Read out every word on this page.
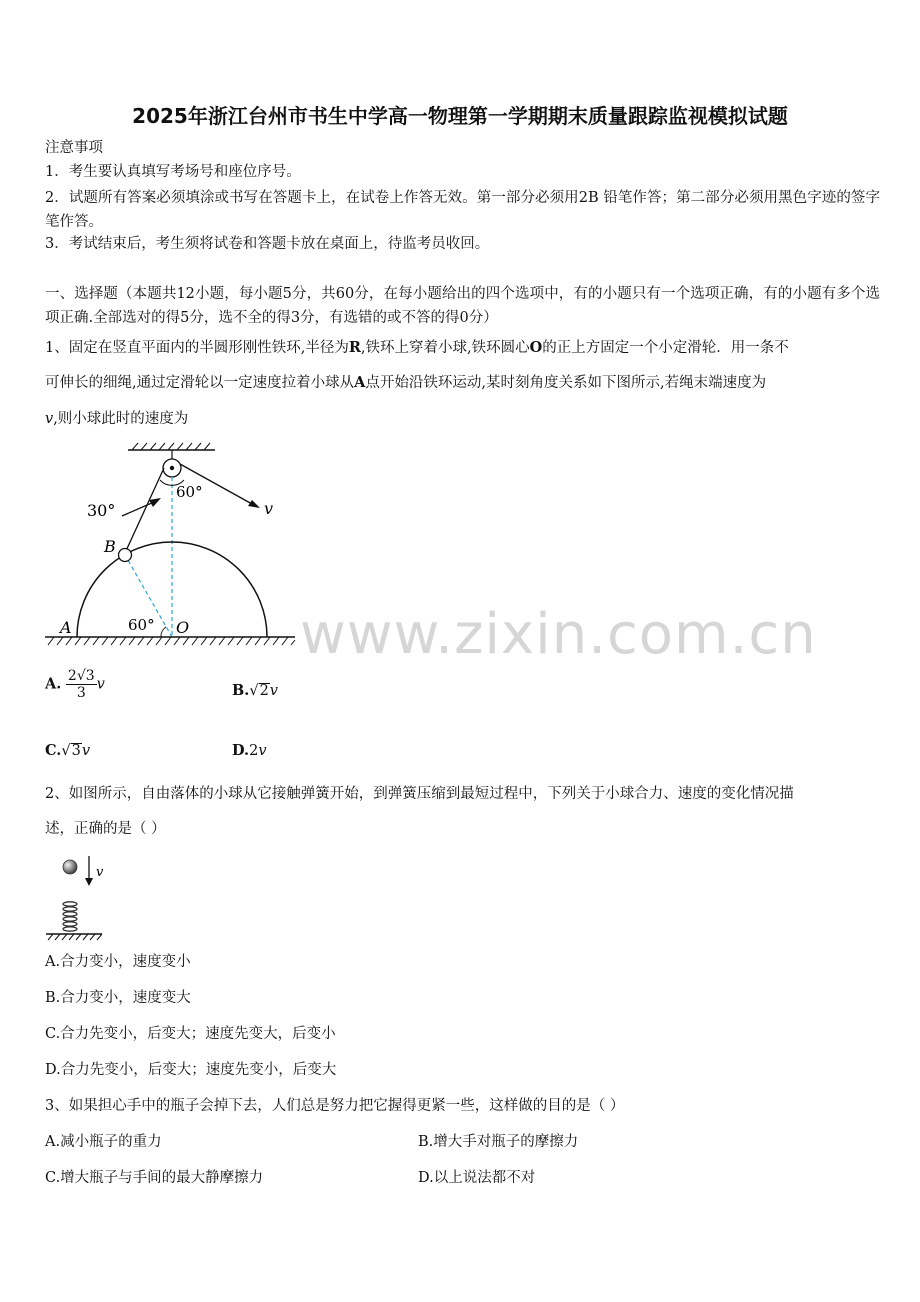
2025年浙江台州市书生中学高一物理第一学期期末质量跟踪监视模拟试题
注意事项
1．考生要认真填写考场号和座位序号。
2．试题所有答案必须填涂或书写在答题卡上，在试卷上作答无效。第一部分必须用2B 铅笔作答；第二部分必须用黑色字迹的签字笔作答。
3．考试结束后，考生须将试卷和答题卡放在桌面上，待监考员收回。
一、选择题（本题共12小题，每小题5分，共60分，在每小题给出的四个选项中，有的小题只有一个选项正确，有的小题有多个选项正确.全部选对的得5分，选不全的得3分，有选错的或不答的得0分）
1、固定在竖直平面内的半圆形刚性铁环,半径为R,铁环上穿着小球,铁环圆心O的正上方固定一个小定滑轮．用一条不
可伸长的细绳,通过定滑轮以一定速度拉着小球从A点开始沿铁环运动,某时刻角度关系如下图所示,若绳末端速度为
v,则小球此时的速度为
30°
60°
v
B
A	60° O www.zixin.com.cn
A. $\frac{2√3}{3}$ v	B.√2v
C.√3v	D.2v
2、如图所示，自由落体的小球从它接触弹簧开始，到弹簧压缩到最短过程中，下列关于小球合力、速度的变化情况描
述，正确的是（ ）
v
A.合力变小，速度变小
B.合力变小，速度变大
C.合力先变小，后变大；速度先变大，后变小
D.合力先变小，后变大；速度先变小，后变大
3、如果担心手中的瓶子会掉下去，人们总是努力把它握得更紧一些，这样做的目的是（ ）
A.减小瓶子的重力	B.增大手对瓶子的摩擦力
C.增大瓶子与手间的最大静摩擦力	D.以上说法都不对
